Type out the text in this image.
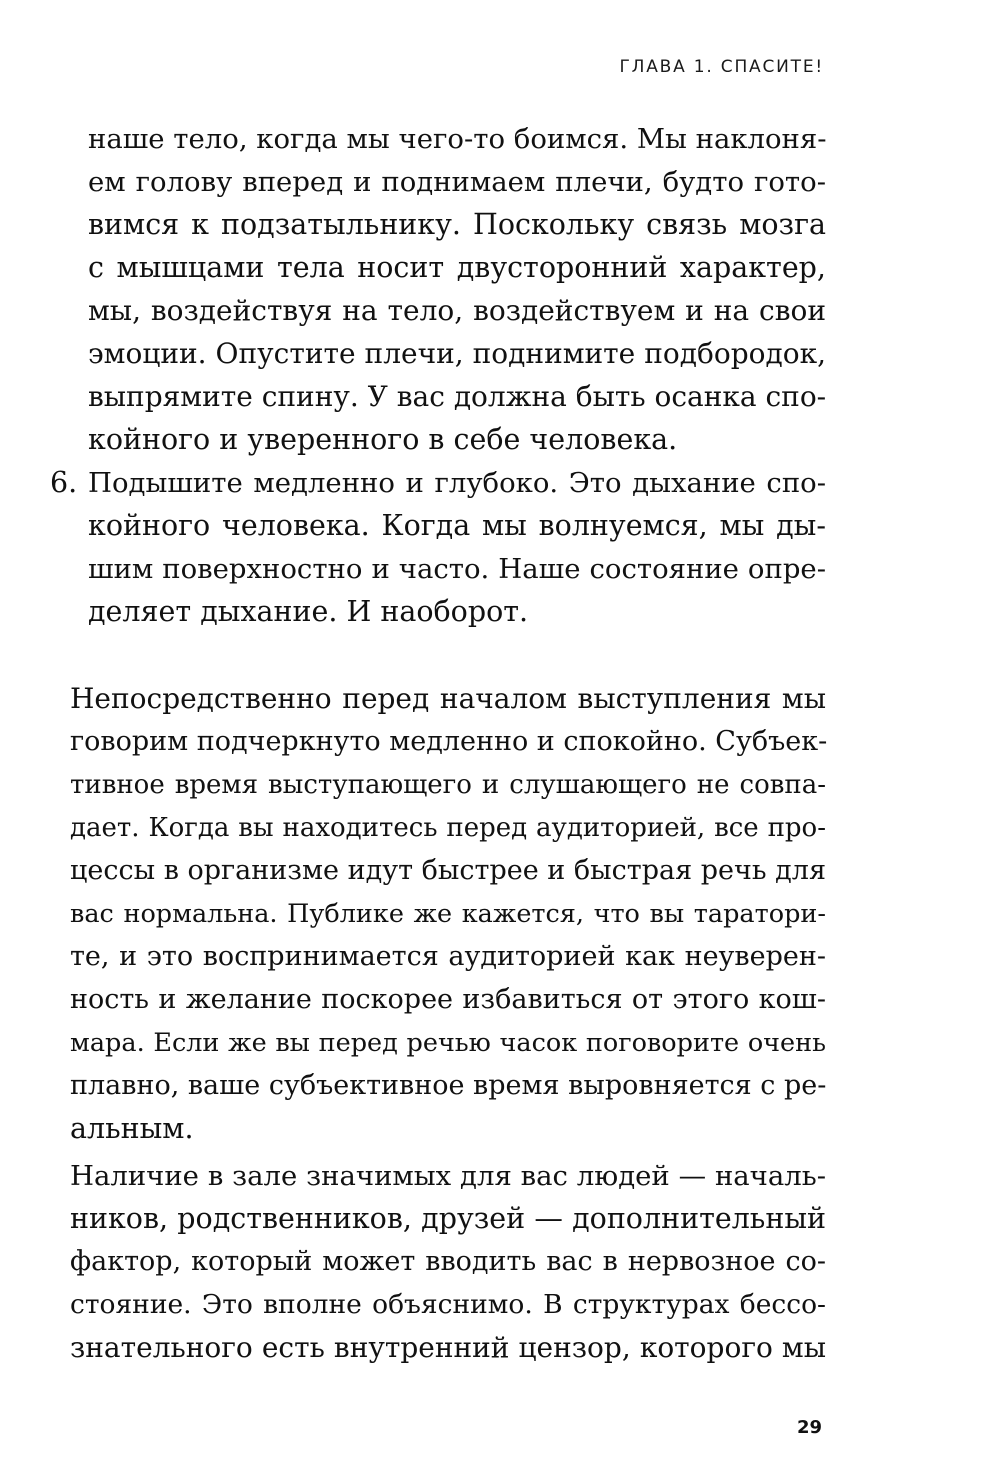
ГЛАВА 1. СПАСИТЕ!
наше тело, когда мы чего-то боимся. Мы наклоня-
ем голову вперед и поднимаем плечи, будто гото-
вимся к подзатыльнику. Поскольку связь мозга
с мышцами тела носит двусторонний характер,
мы, воздействуя на тело, воздействуем и на свои
эмоции. Опустите плечи, поднимите подбородок,
выпрямите спину. У вас должна быть осанка спо-
койного и уверенного в себе человека.
6. Подышите медленно и глубоко. Это дыхание спо-
койного человека. Когда мы волнуемся, мы ды-
шим поверхностно и часто. Наше состояние опре-
деляет дыхание. И наоборот.
Непосредственно перед началом выступления мы
говорим подчеркнуто медленно и спокойно. Субъек-
тивное время выступающего и слушающего не совпа-
дает. Когда вы находитесь перед аудиторией, все про-
цессы в организме идут быстрее и быстрая речь для
вас нормальна. Публике же кажется, что вы таратори-
те, и это воспринимается аудиторией как неуверен-
ность и желание поскорее избавиться от этого кош-
мара. Если же вы перед речью часок поговорите очень
плавно, ваше субъективное время выровняется с ре-
альным.
Наличие в зале значимых для вас людей — началь-
ников, родственников, друзей — дополнительный
фактор, который может вводить вас в нервозное со-
стояние. Это вполне объяснимо. В структурах бессо-
знательного есть внутренний цензор, которого мы
29
